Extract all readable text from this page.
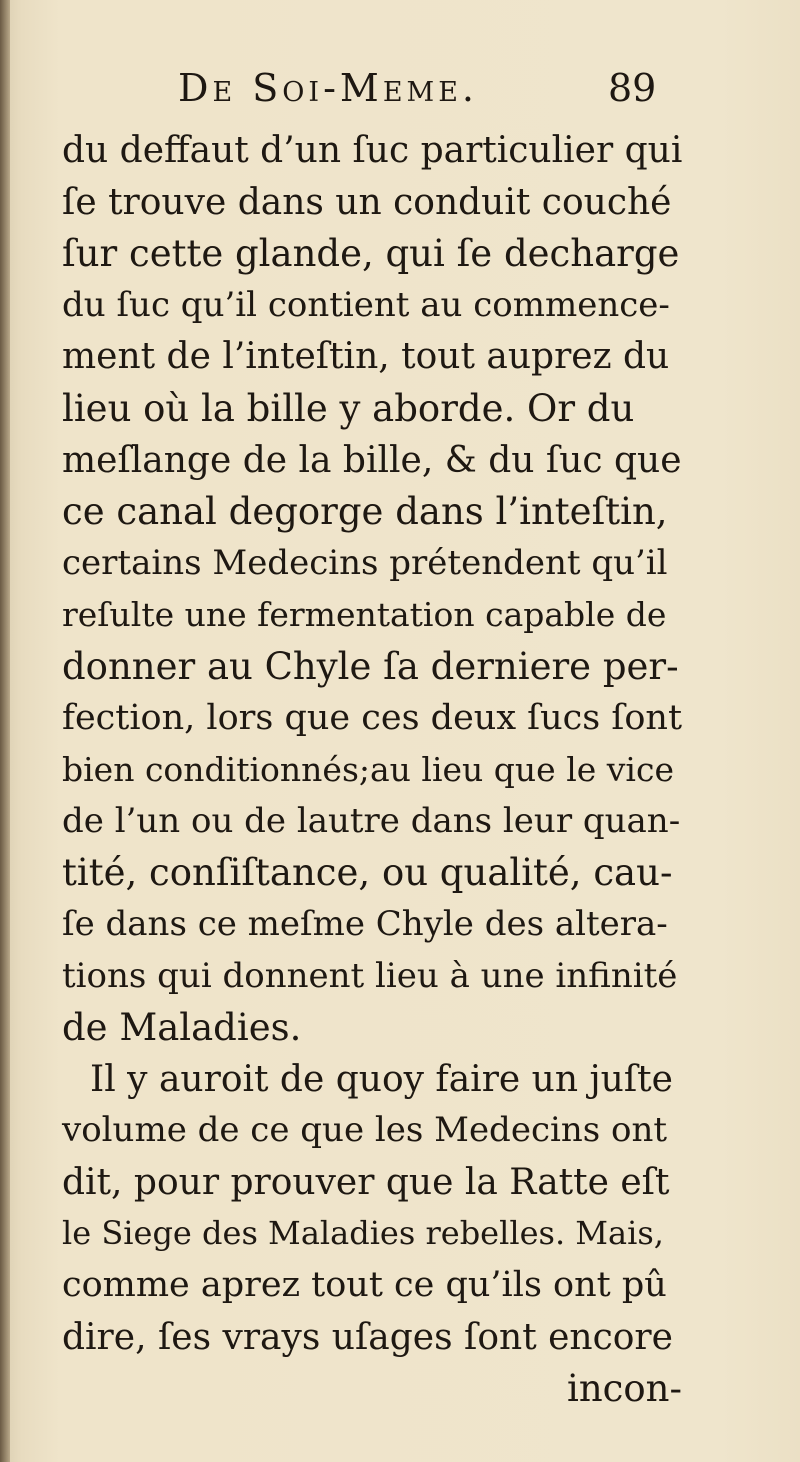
De Soi-Meme.	89
du deffaut d’un ſuc particulier qui
ſe trouve dans un conduit couché
ſur cette glande, qui ſe decharge
du ſuc qu’il contient au commence-
ment de l’inteſtin, tout auprez du
lieu où la bille y aborde. Or du
meſlange de la bille, & du ſuc que
ce canal degorge dans l’inteſtin,
certains Medecins prétendent qu’il
reſulte une fermentation capable de
donner au Chyle ſa derniere per-
fection, lors que ces deux ſucs ſont
bien conditionnés;au lieu que le vice
de l’un ou de lautre dans leur quan-
tité, conſiſtance, ou qualité, cau-
ſe dans ce meſme Chyle des altera-
tions qui donnent lieu à une infinité
de Maladies.
Il y auroit de quoy faire un juſte
volume de ce que les Medecins ont
dit, pour prouver que la Ratte eſt
le Siege des Maladies rebelles. Mais,
comme aprez tout ce qu’ils ont pû
dire, ſes vrays uſages ſont encore
incon-
